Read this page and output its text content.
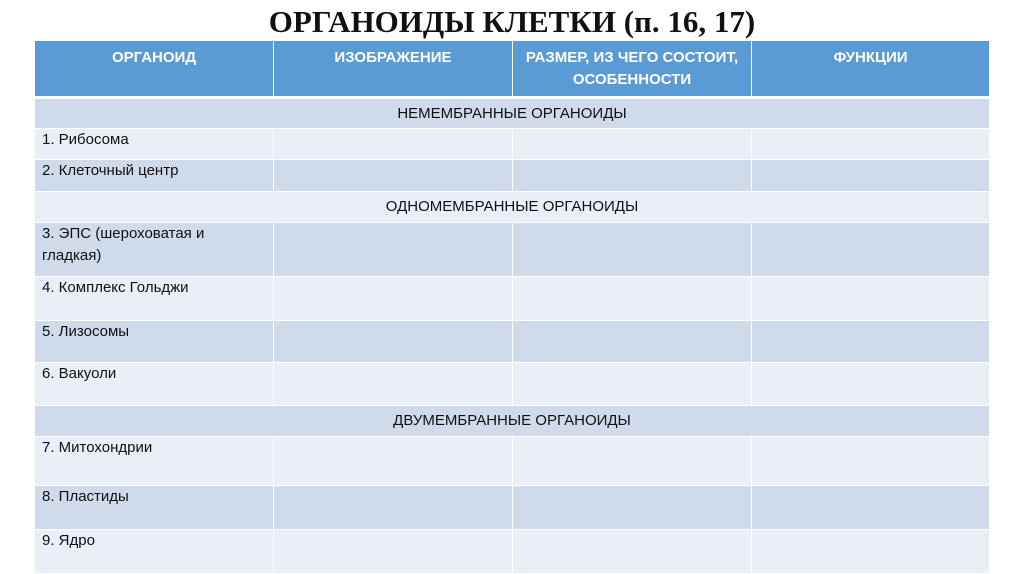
ОРГАНОИДЫ КЛЕТКИ (п. 16, 17)
ОРГАНОИД	ИЗОБРАЖЕНИЕ	РАЗМЕР, ИЗ ЧЕГО СОСТОИТ, ОСОБЕННОСТИ	ФУНКЦИИ
НЕМЕМБРАННЫЕ ОРГАНОИДЫ			
1. Рибосома			
2. Клеточный центр			
ОДНОМЕМБРАННЫЕ ОРГАНОИДЫ			
3. ЭПС (шероховатая и гладкая)			
4. Комплекс Гольджи			
5. Лизосомы			
6. Вакуоли			
ДВУМЕМБРАННЫЕ ОРГАНОИДЫ			
7. Митохондрии			
8. Пластиды			
9. Ядро			
